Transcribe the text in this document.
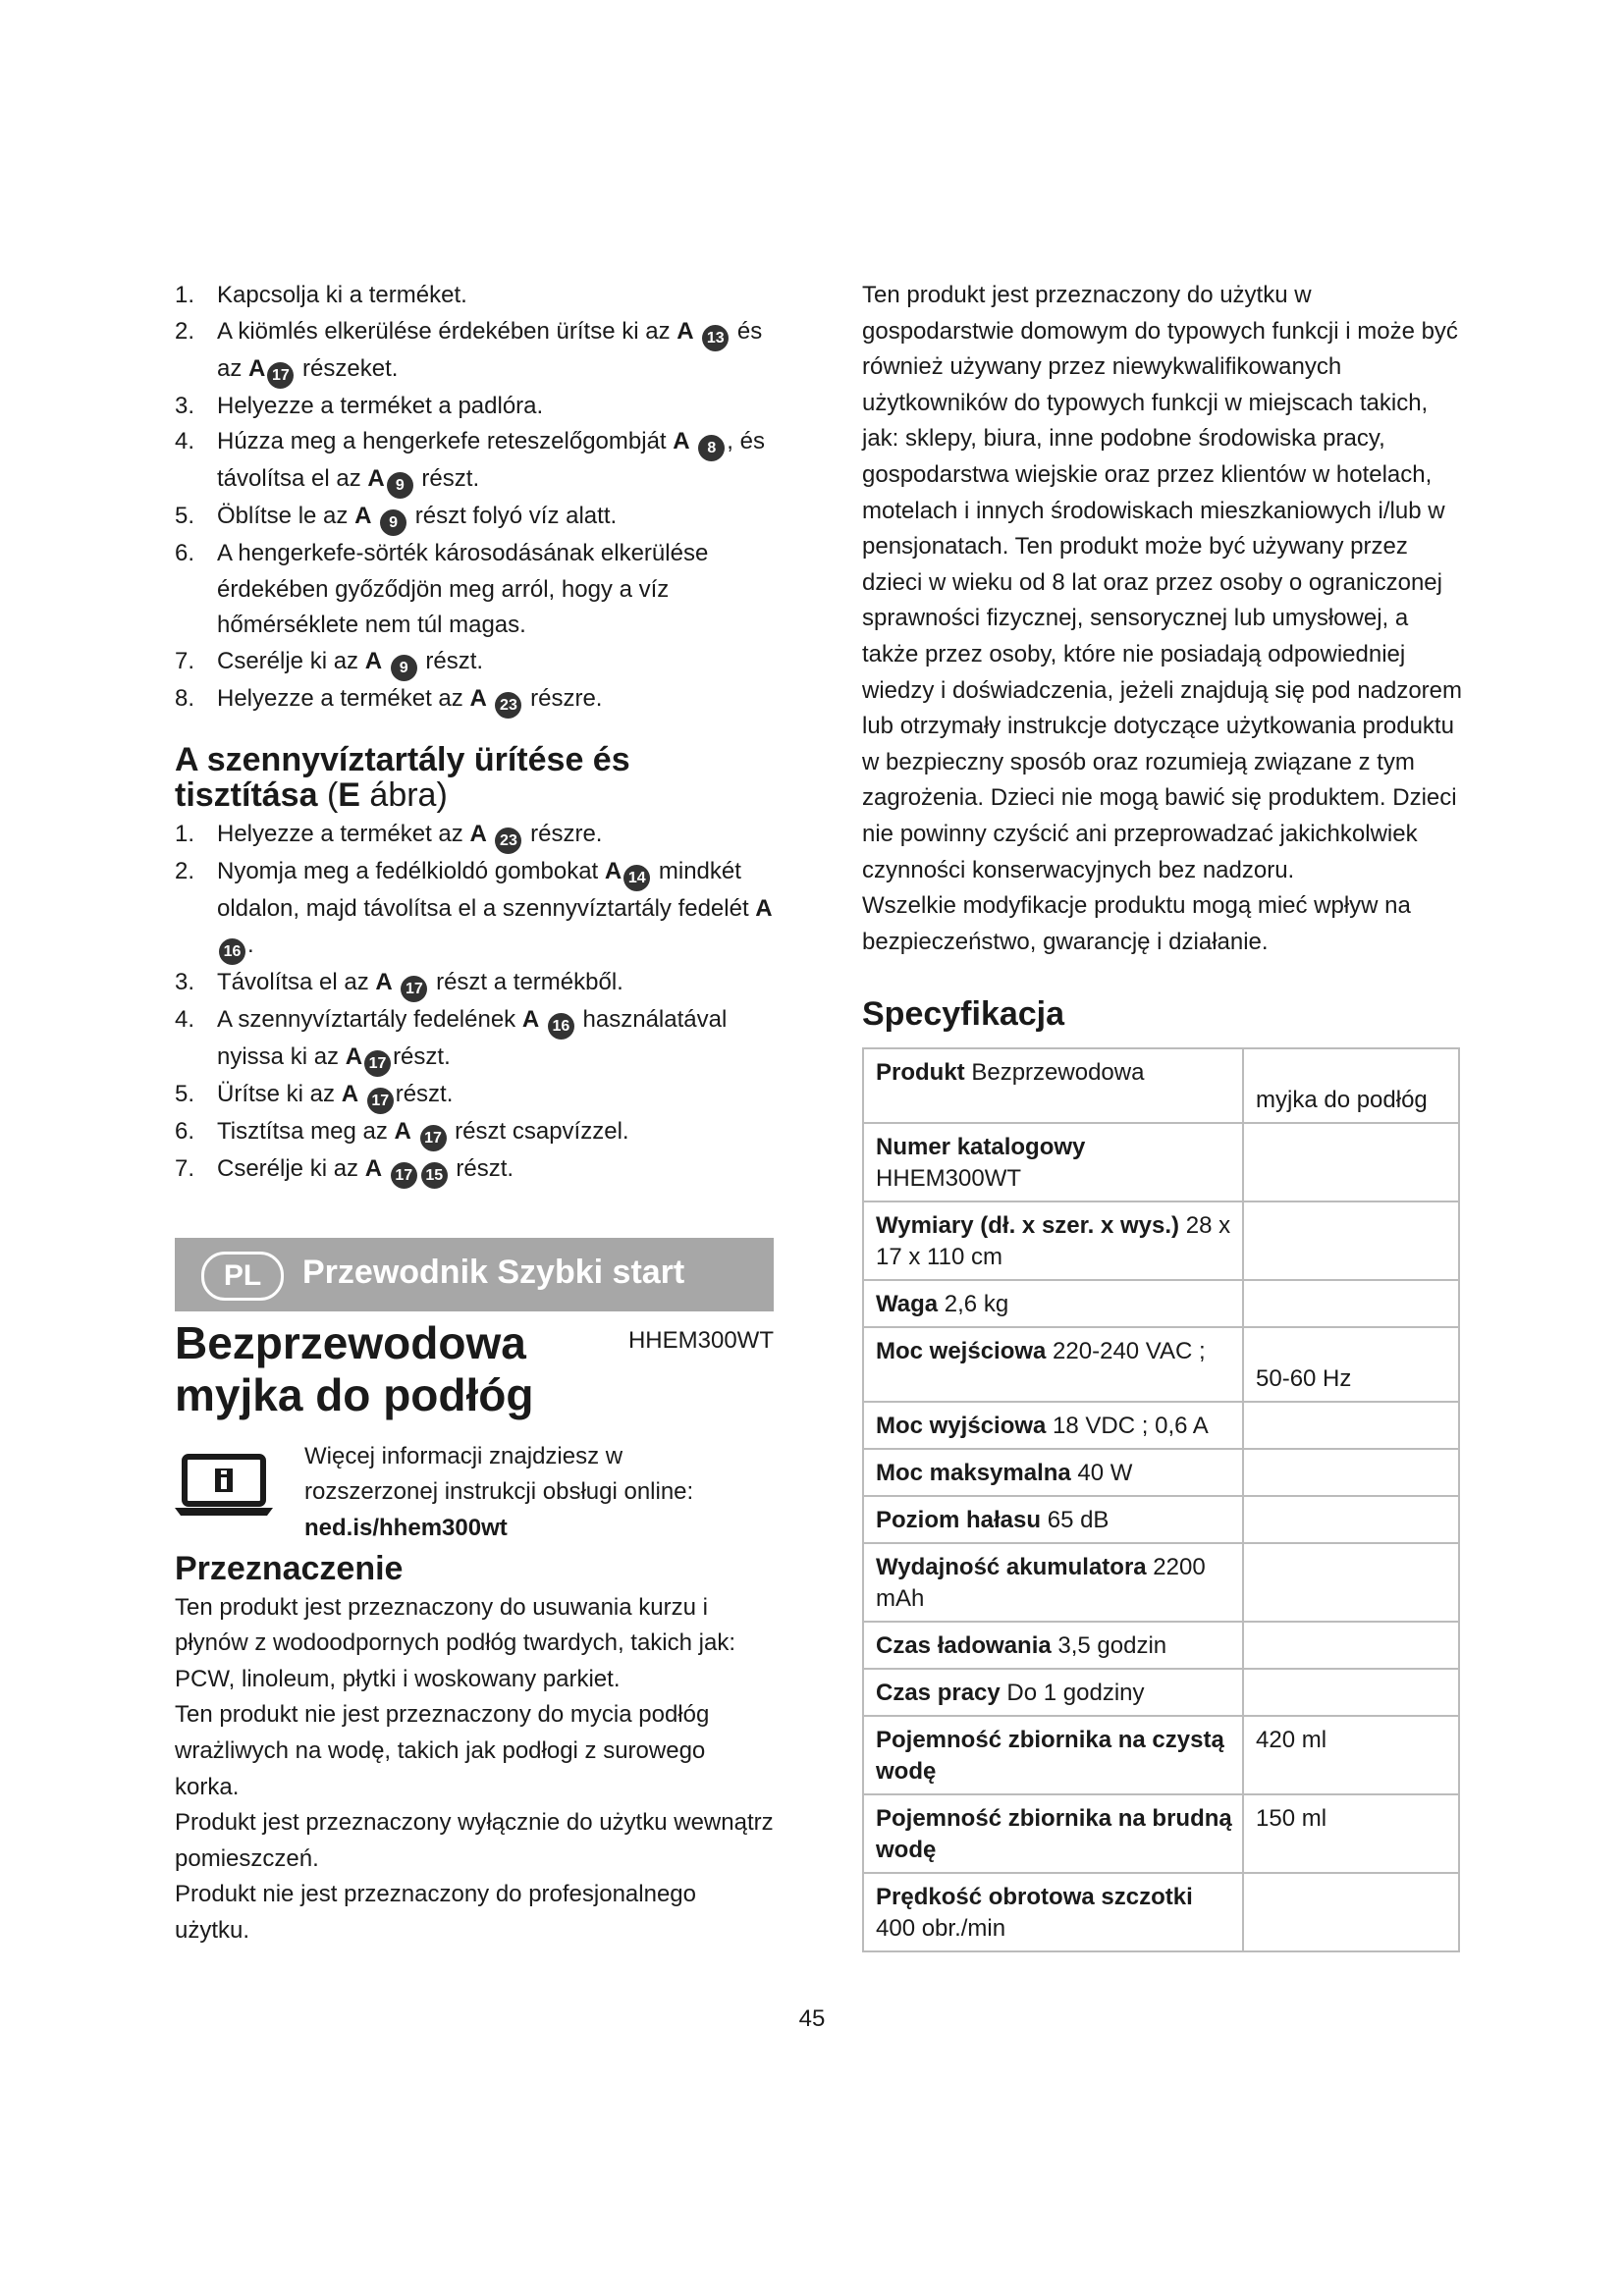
1. Kapcsolja ki a terméket.
2. A kiömlés elkerülése érdekében ürítse ki az A 13 és az A 17 részeket.
3. Helyezze a terméket a padlóra.
4. Húzza meg a hengerkefe reteszelőgombját A 8 , és távolítsa el az A 9 részt.
5. Öblítse le az A 9 részt folyó víz alatt.
6. A hengerkefe-sörték károsodásának elkerülése érdekében győződjön meg arról, hogy a víz hőmérséklete nem túl magas.
7. Cserélje ki az A 9 részt.
8. Helyezze a terméket az A 23 részre.
A szennyvíztartály ürítése és tisztítása (E ábra)
1. Helyezze a terméket az A 23 részre.
2. Nyomja meg a fedélkioldó gombokat A 14 mindkét oldalon, majd távolítsa el a szennyvíztartály fedelét A16 .
3. Távolítsa el az A 17 részt a termékből.
4. A szennyvíztartály fedelének A 16 használatával nyissa ki az A 17 részt.
5. Ürítse ki az A 17 részt.
6. Tisztítsa meg az A 17 részt csapvízzel.
7. Cserélje ki az A 17 15 részt.
PL	Przewodnik Szybki start
Bezprzewodowa myjka do podłóg
HHEM300WT
Więcej informacji znajdziesz w
rozszerzonej instrukcji obsługi online:
ned.is/hhem300wt
Przeznaczenie
Ten produkt jest przeznaczony do usuwania kurzu i płynów z wodoodpornych podłóg twardych, takich jak: PCW, linoleum, płytki i woskowany parkiet.
Ten produkt nie jest przeznaczony do mycia podłóg wrażliwych na wodę, takich jak podłogi z surowego korka.
Produkt jest przeznaczony wyłącznie do użytku wewnątrz pomieszczeń.
Produkt nie jest przeznaczony do profesjonalnego użytku.
Ten produkt jest przeznaczony do użytku w gospodarstwie domowym do typowych funkcji i może być również używany przez niewykwalifikowanych użytkowników do typowych funkcji w miejscach takich, jak: sklepy, biura, inne podobne środowiska pracy, gospodarstwa wiejskie oraz przez klientów w hotelach, motelach i innych środowiskach mieszkaniowych i/lub w pensjonatach. Ten produkt może być używany przez dzieci w wieku od 8 lat oraz przez osoby o ograniczonej sprawności fizycznej, sensorycznej lub umysłowej, a także przez osoby, które nie posiadają odpowiedniej wiedzy i doświadczenia, jeżeli znajdują się pod nadzorem lub otrzymały instrukcje dotyczące użytkowania produktu w bezpieczny sposób oraz rozumieją związane z tym zagrożenia. Dzieci nie mogą bawić się produktem. Dzieci nie powinny czyścić ani przeprowadzać jakichkolwiek czynności konserwacyjnych bez nadzoru.
Wszelkie modyfikacje produktu mogą mieć wpływ na bezpieczeństwo, gwarancję i działanie.
Specyfikacja
Produkt Bezprzewodowa	myjka do podłóg
Numer katalogowy HHEM300WT	
Wymiary (dł. x szer. x wys.) 28 x 17 x 110 cm	
Waga 2,6 kg	
Moc wejściowa 220-240 VAC ;	50-60 Hz
Moc wyjściowa 18 VDC ; 0,6 A	
Moc maksymalna 40 W	
Poziom hałasu 65 dB	
Wydajność akumulatora 2200 mAh	
Czas ładowania 3,5 godzin	
Czas pracy Do 1 godziny	
Pojemność zbiornika na czystą wodę	420 ml
Pojemność zbiornika na brudną wodę	150 ml
Prędkość obrotowa szczotki 400 obr./min	
45
